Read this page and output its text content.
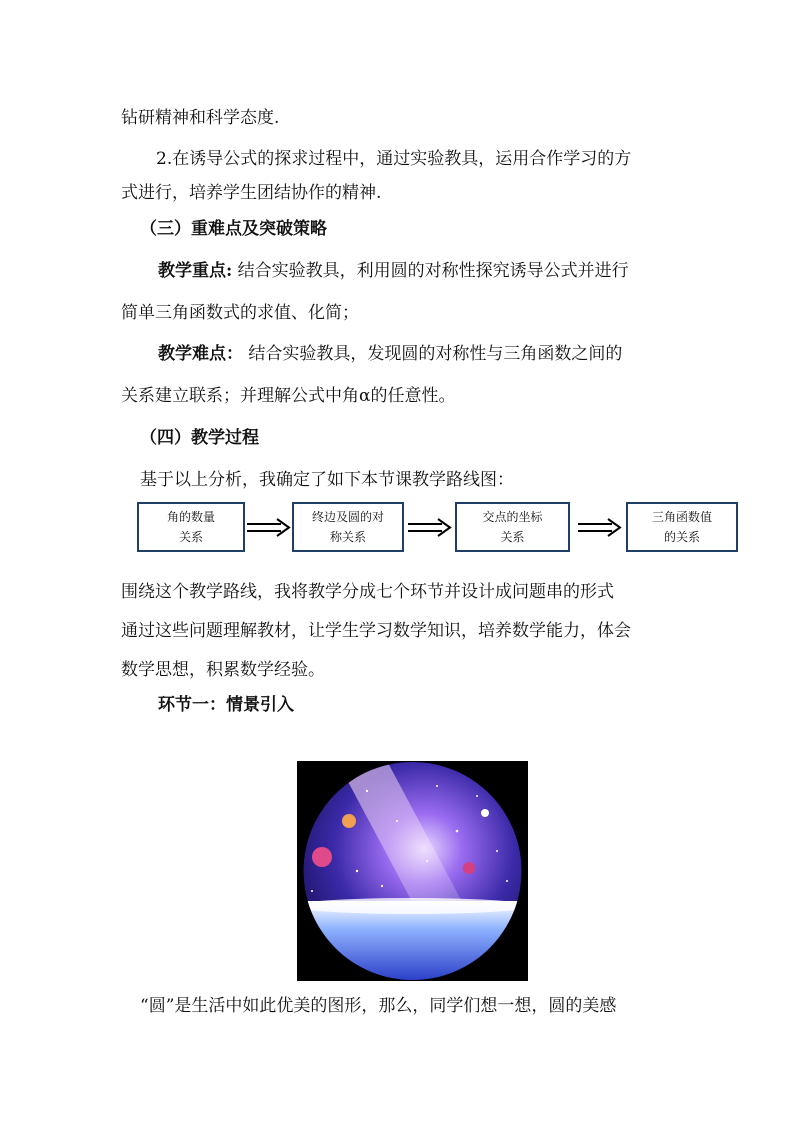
钻研精神和科学态度.
2.在诱导公式的探求过程中，通过实验教具，运用合作学习的方
式进行，培养学生团结协作的精神.
（三）重难点及突破策略
教学重点: 结合实验教具，利用圆的对称性探究诱导公式并进行
简单三角函数式的求值、化简；
教学难点： 结合实验教具，发现圆的对称性与三角函数之间的
关系建立联系；并理解公式中角α的任意性。
（四）教学过程
基于以上分析，我确定了如下本节课教学路线图：
角的数量
关系
终边及圆的对
称关系
交点的坐标
关系
三角函数值
的关系
围绕这个教学路线，我将教学分成七个环节并设计成问题串的形式
通过这些问题理解教材，让学生学习数学知识，培养数学能力，体会
数学思想，积累数学经验。
环节一：情景引入
“圆”是生活中如此优美的图形，那么，同学们想一想，圆的美感
